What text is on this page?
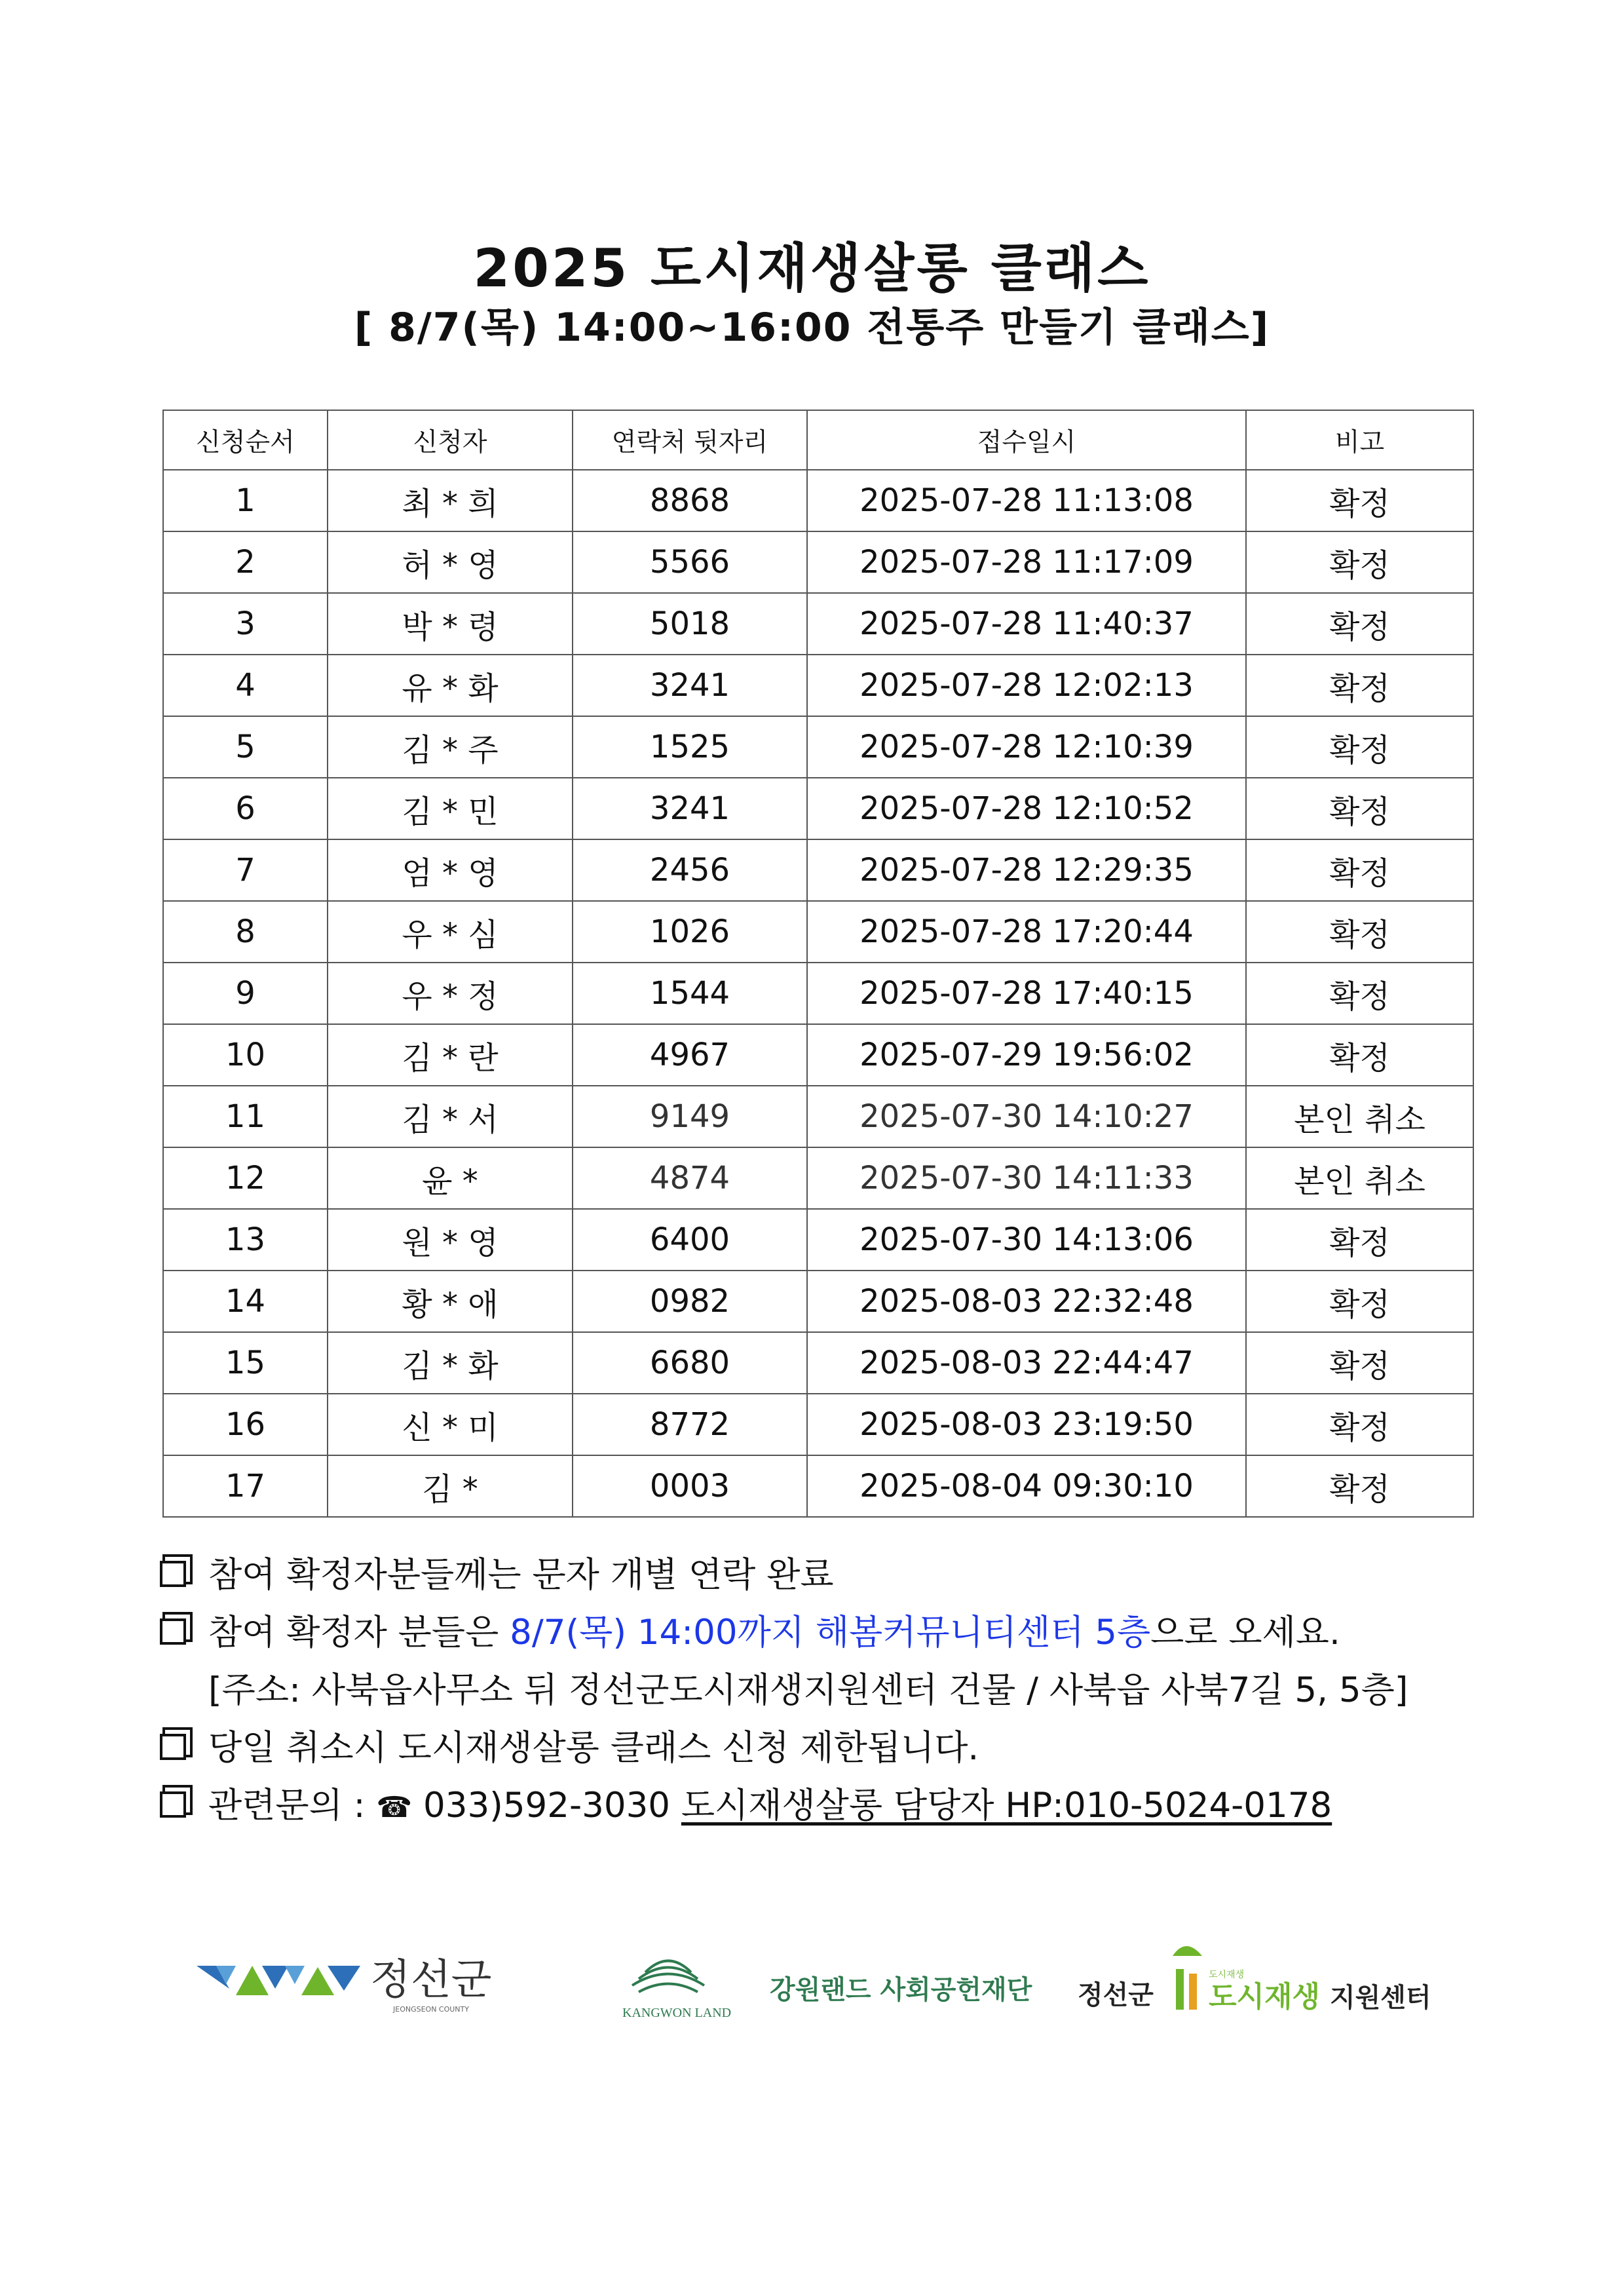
2025 도시재생살롱 클래스
[ 8/7(목) 14:00~16:00 전통주 만들기 클래스]
신청순서	신청자	연락처 뒷자리	접수일시	비고
1	최 * 희	8868	2025-07-28 11:13:08	확정
2	허 * 영	5566	2025-07-28 11:17:09	확정
3	박 * 령	5018	2025-07-28 11:40:37	확정
4	유 * 화	3241	2025-07-28 12:02:13	확정
5	김 * 주	1525	2025-07-28 12:10:39	확정
6	김 * 민	3241	2025-07-28 12:10:52	확정
7	엄 * 영	2456	2025-07-28 12:29:35	확정
8	우 * 심	1026	2025-07-28 17:20:44	확정
9	우 * 정	1544	2025-07-28 17:40:15	확정
10	김 * 란	4967	2025-07-29 19:56:02	확정
11	김 * 서	9149	2025-07-30 14:10:27	본인 취소
12	윤 *	4874	2025-07-30 14:11:33	본인 취소
13	원 * 영	6400	2025-07-30 14:13:06	확정
14	황 * 애	0982	2025-08-03 22:32:48	확정
15	김 * 화	6680	2025-08-03 22:44:47	확정
16	신 * 미	8772	2025-08-03 23:19:50	확정
17	김 *	0003	2025-08-04 09:30:10	확정
참여 확정자분들께는 문자 개별 연락 완료
참여 확정자 분들은 8/7(목) 14:00까지 해봄커뮤니티센터 5층으로 오세요.
[주소: 사북읍사무소 뒤 정선군도시재생지원센터 건물 / 사북읍 사북7길 5, 5층]
당일 취소시 도시재생살롱 클래스 신청 제한됩니다.
관련문의 : ☎ 033)592-3030 도시재생살롱 담당자 HP:010-5024-0178
정선군
JEONGSEON COUNTY	KANGWON LAND
강원랜드 사회공헌재단 정선군
도시재생
도시재생 지원센터
